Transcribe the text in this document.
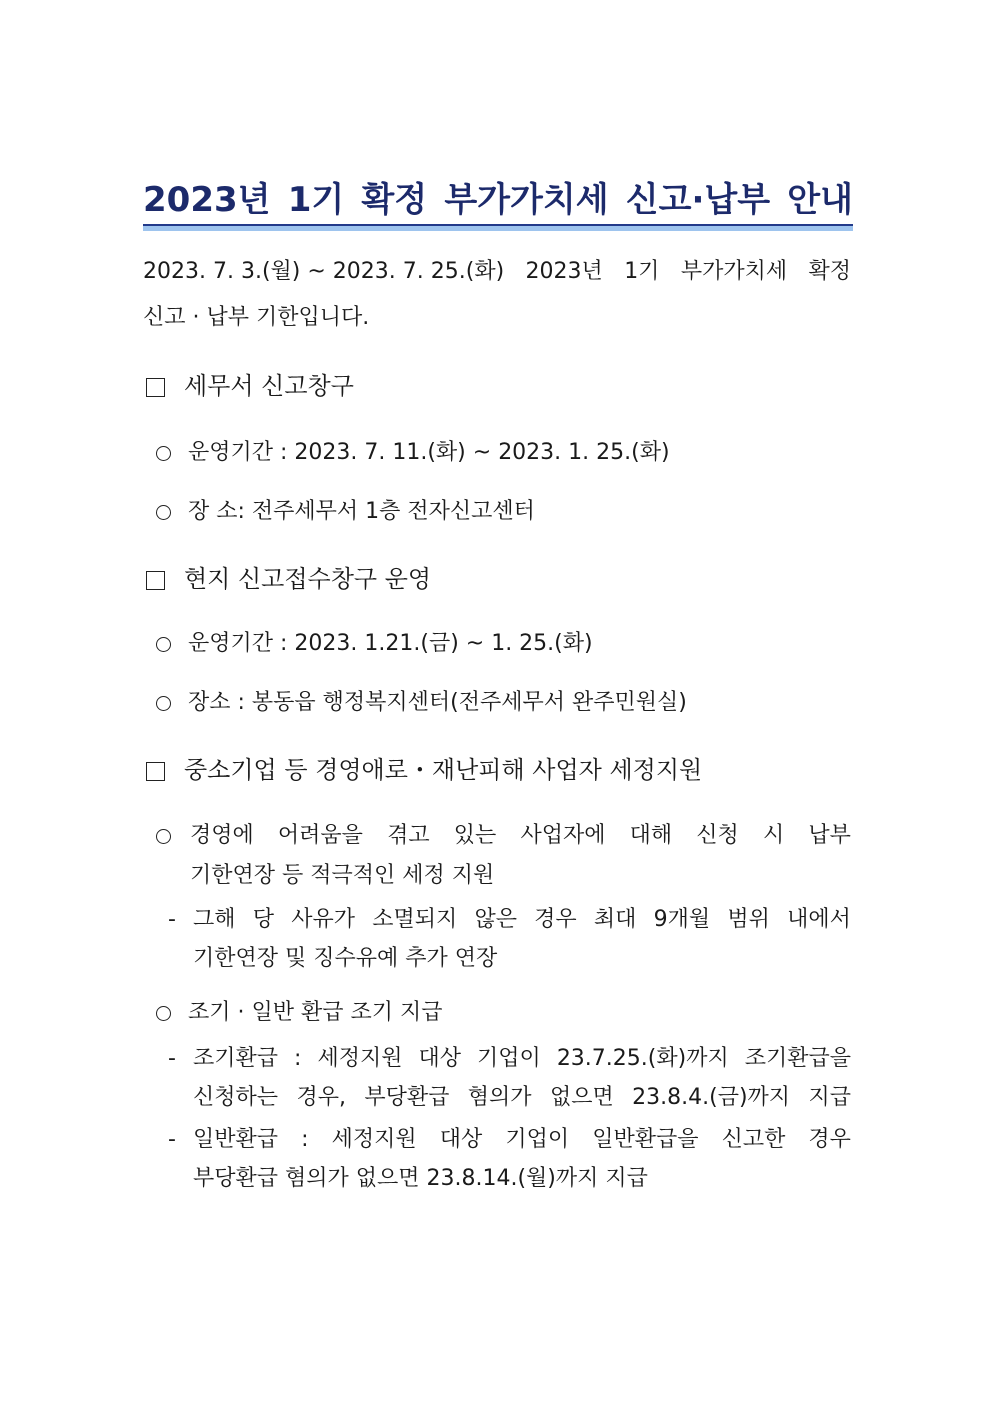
2023년 1기 확정 부가가치세 신고·납부 안내
2023. 7. 3.(월) ~ 2023. 7. 25.(화) 2023년 1기 부가가치세 확정
신고 · 납부 기한입니다.
세무서 신고창구
운영기간 : 2023. 7. 11.(화) ~ 2023. 1. 25.(화)
장 소: 전주세무서 1층 전자신고센터
현지 신고접수창구 운영
운영기간 : 2023. 1.21.(금) ~ 1. 25.(화)
장소 : 봉동읍 행정복지센터(전주세무서 완주민원실)
중소기업 등 경영애로・재난피해 사업자 세정지원
경영에 어려움을 겪고 있는 사업자에 대해 신청 시 납부
기한연장 등 적극적인 세정 지원
- 그해 당 사유가 소멸되지 않은 경우 최대 9개월 범위 내에서
기한연장 및 징수유예 추가 연장
조기 · 일반 환급 조기 지급
- 조기환급 : 세정지원 대상 기업이 23.7.25.(화)까지 조기환급을
신청하는 경우, 부당환급 혐의가 없으면 23.8.4.(금)까지 지급
- 일반환급 : 세정지원 대상 기업이 일반환급을 신고한 경우
부당환급 혐의가 없으면 23.8.14.(월)까지 지급
